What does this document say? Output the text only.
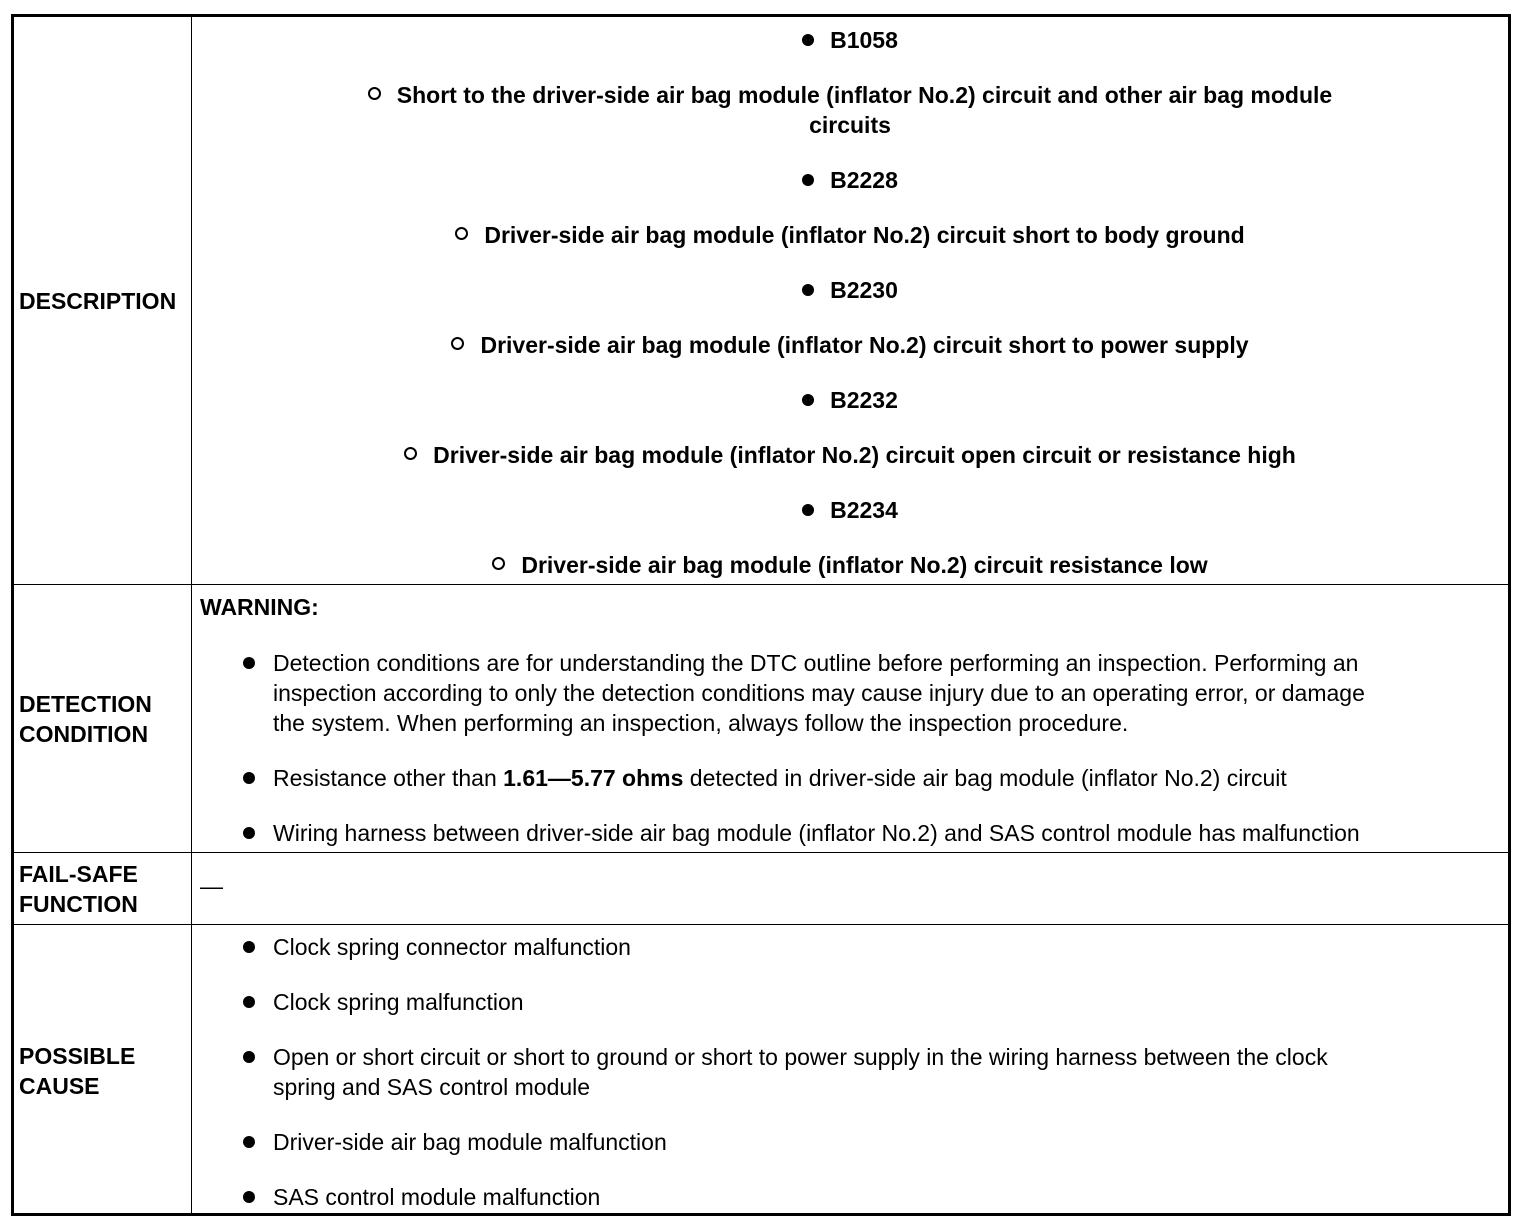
DESCRIPTION
B1058
Short to the driver-side air bag module (inflator No.2) circuit and other air bag module
circuits
B2228
Driver-side air bag module (inflator No.2) circuit short to body ground
B2230
Driver-side air bag module (inflator No.2) circuit short to power supply
B2232
Driver-side air bag module (inflator No.2) circuit open circuit or resistance high
B2234
Driver-side air bag module (inflator No.2) circuit resistance low
DETECTION
CONDITION
WARNING:
Detection conditions are for understanding the DTC outline before performing an inspection. Performing an
inspection according to only the detection conditions may cause injury due to an operating error, or damage
the system. When performing an inspection, always follow the inspection procedure.
Resistance other than 1.61—5.77 ohms detected in driver-side air bag module (inflator No.2) circuit
Wiring harness between driver-side air bag module (inflator No.2) and SAS control module has malfunction
FAIL-SAFE
FUNCTION
—
POSSIBLE
CAUSE
Clock spring connector malfunction
Clock spring malfunction
Open or short circuit or short to ground or short to power supply in the wiring harness between the clock
spring and SAS control module
Driver-side air bag module malfunction
SAS control module malfunction
